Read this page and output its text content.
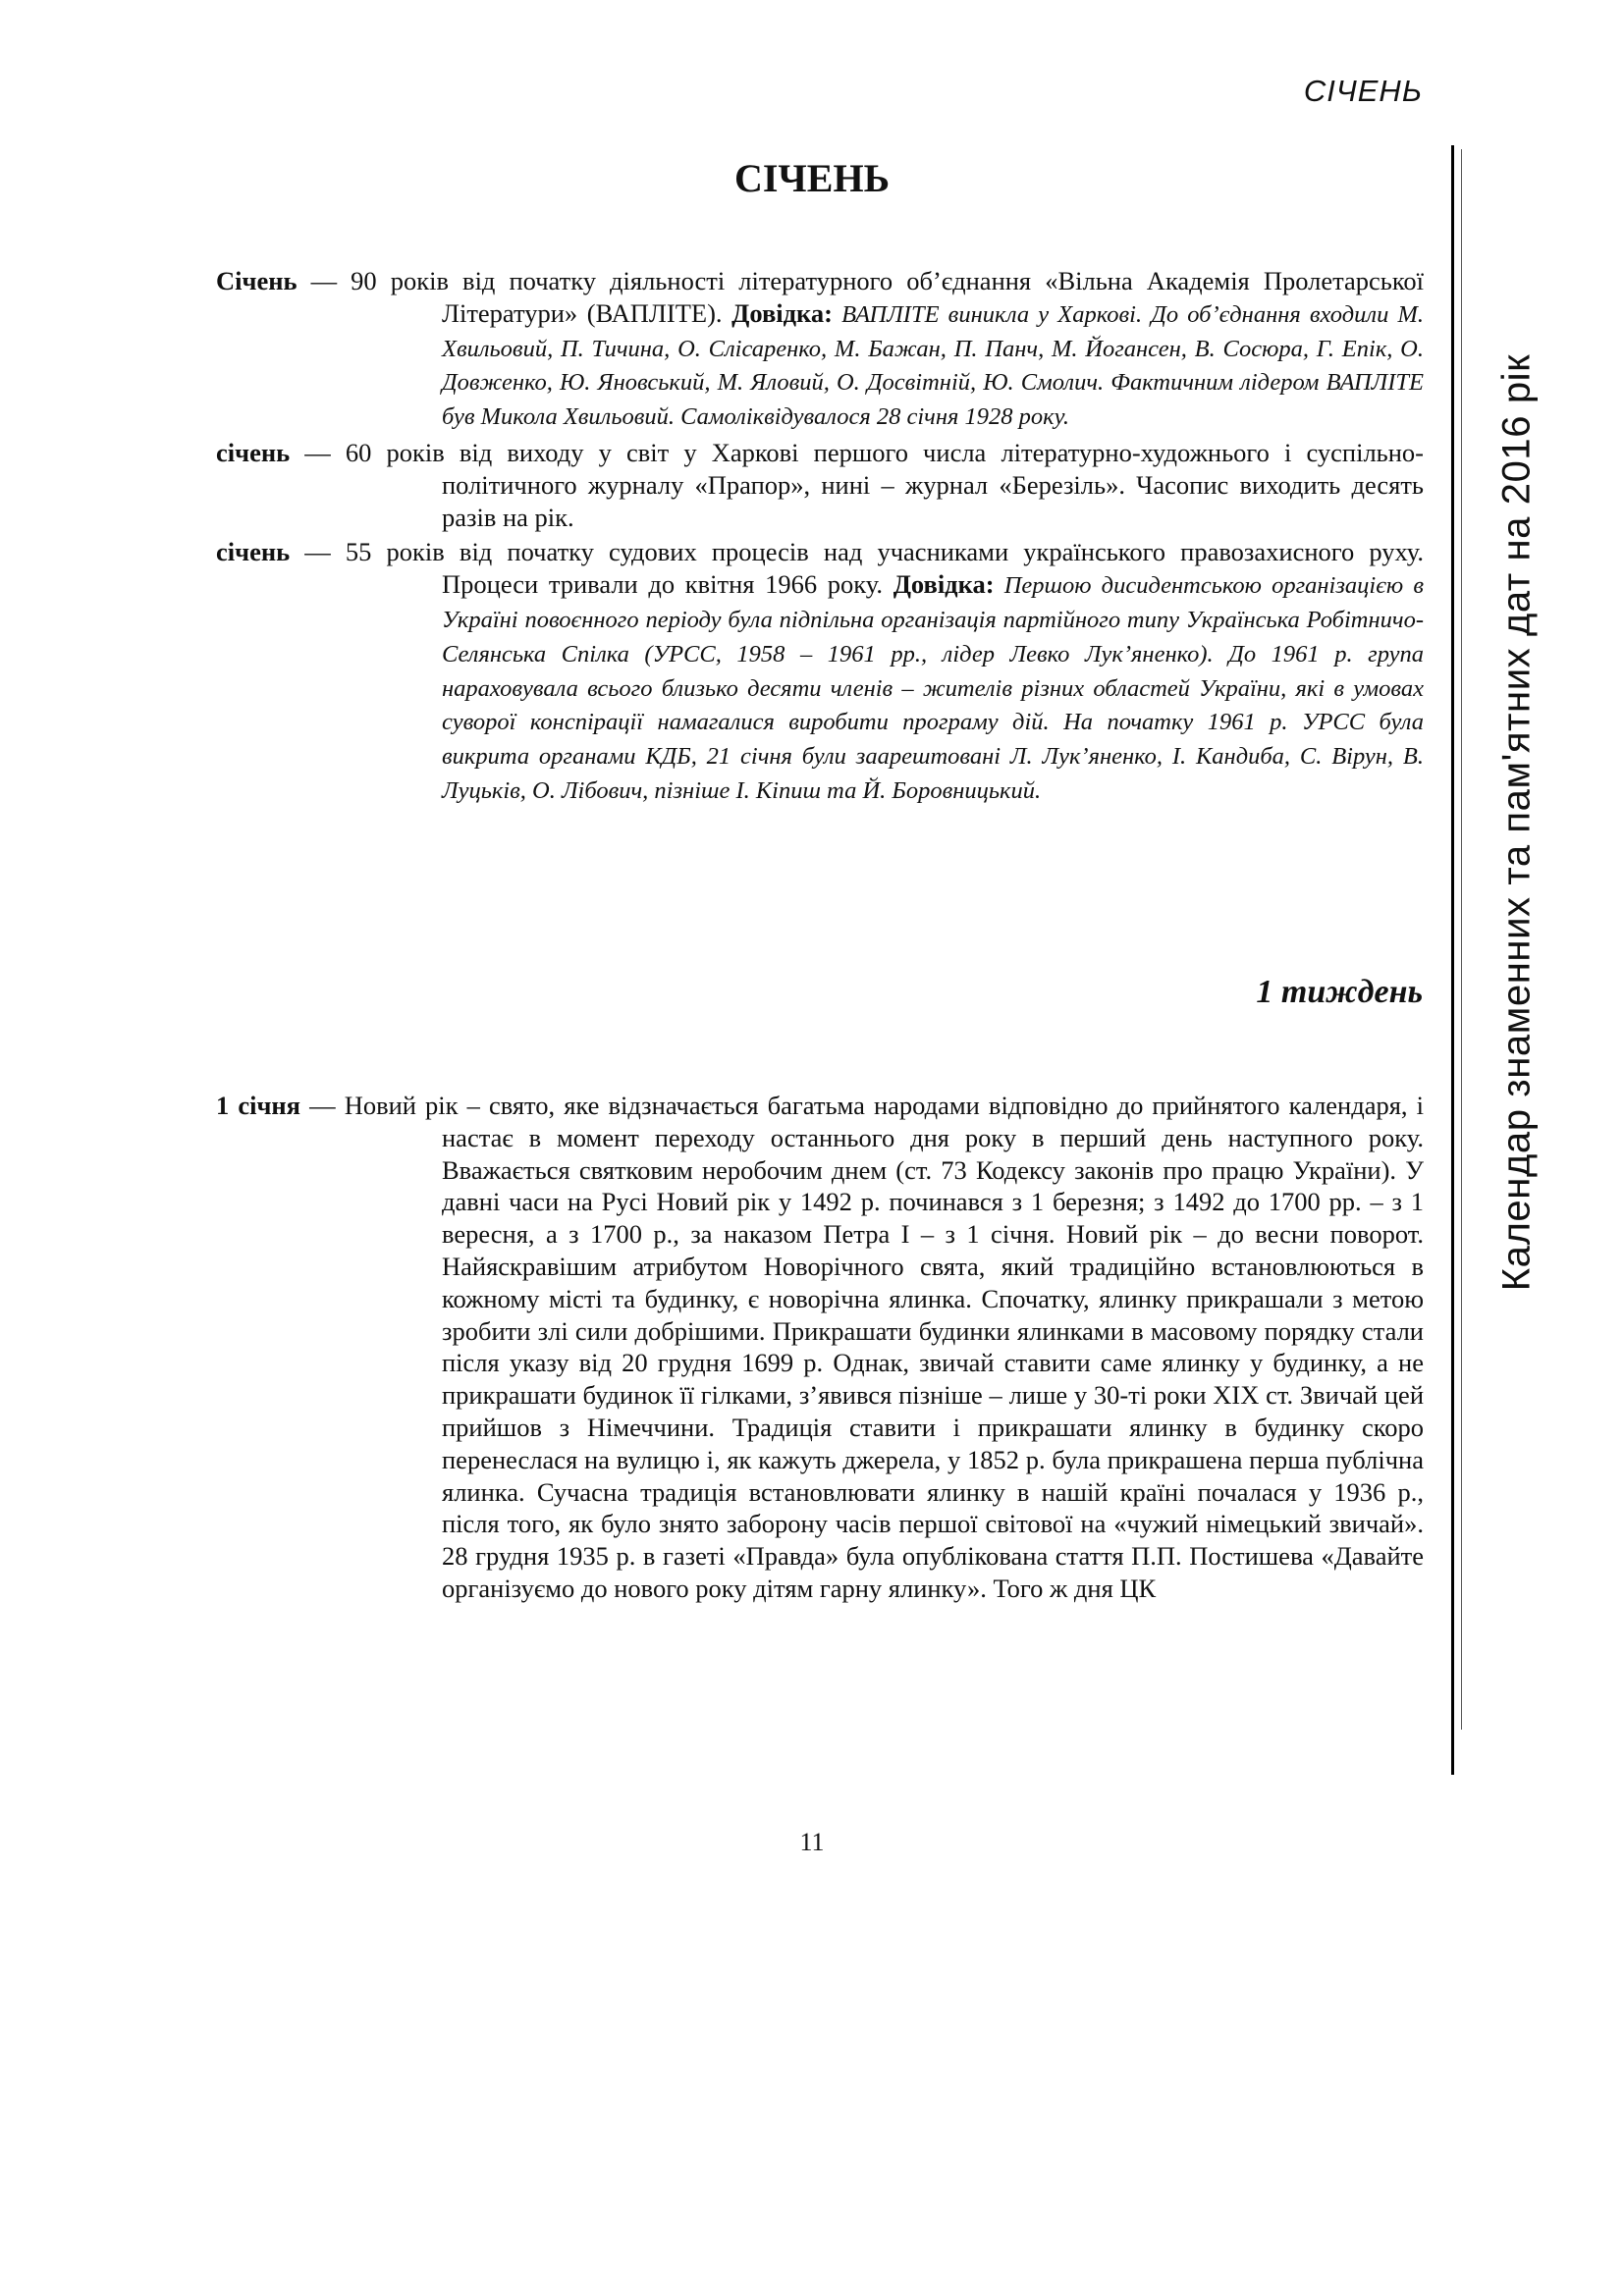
СІЧЕНЬ
Календар знаменних та пам'ятних дат на 2016 рік
СІЧЕНЬ

Січень — 90 років від початку діяльності літературного об’єднання «Вільна Академія Пролетарської Літератури» (ВАПЛІТЕ). Довідка: ВАПЛІТЕ виникла у Харкові. До об’єднання входили М. Хвильовий, П. Тичина, О. Слісаренко, М. Бажан, П. Панч, М. Йогансен, В. Сосюра, Г. Епік, О. Довженко, Ю. Яновський, М. Яловий, О. Досвітній, Ю. Смолич. Фактичним лідером ВАПЛІТЕ був Микола Хвильовий. Самоліквідувалося 28 січня 1928 року.

січень — 60 років від виходу у світ у Харкові першого числа літературно-художнього і суспільно-політичного журналу «Прапор», нині – журнал «Березіль». Часопис виходить десять разів на рік.

січень — 55 років від початку судових процесів над учасниками українського правозахисного руху. Процеси тривали до квітня 1966 року. Довідка: Першою дисидентською організацією в Україні повоєнного періоду була підпільна організація партійного типу Українська Робітничо-Селянська Спілка (УРСС, 1958 – 1961 рр., лідер Левко Лук’яненко). До 1961 р. група нараховувала всього близько десяти членів – жителів різних областей України, які в умовах суворої конспірації намагалися виробити програму дій. На початку 1961 р. УРСС була викрита органами КДБ, 21 січня були заарештовані Л. Лук’яненко, І. Кандиба, С. Вірун, В. Луцьків, О. Лібович, пізніше І. Кіпиш та Й. Боровницький.

1 тиждень

1 січня — Новий рік – свято, яке відзначається багатьма народами відповідно до прийнятого календаря, і настає в момент переходу останнього дня року в перший день наступного року. Вважається святковим неробочим днем (ст. 73 Кодексу законів про працю України). У давні часи на Русі Новий рік у 1492 р. починався з 1 березня; з 1492 до 1700 рр. – з 1 вересня, а з 1700 р., за наказом Петра І – з 1 січня. Новий рік – до весни поворот. Найяскравішим атрибутом Новорічного свята, який традиційно встановлюються в кожному місті та будинку, є новорічна ялинка. Спочатку, ялинку прикрашали з метою зробити злі сили добрішими. Прикрашати будинки ялинками в масовому порядку стали після указу від 20 грудня 1699 р. Однак, звичай ставити саме ялинку у будинку, а не прикрашати будинок її гілками, з’явився пізніше – лише у 30-ті роки XIX ст. Звичай цей прийшов з Німеччини. Традиція ставити і прикрашати ялинку в будинку скоро перенеслася на вулицю і, як кажуть джерела, у 1852 р. була прикрашена перша публічна ялинка. Сучасна традиція встановлювати ялинку в нашій країні почалася у 1936 р., після того, як було знято заборону часів першої світової на «чужий німецький звичай». 28 грудня 1935 р. в газеті «Правда» була опублікована стаття П.П. Постишева «Давайте організуємо до нового року дітям гарну ялинку». Того ж дня ЦК

11
